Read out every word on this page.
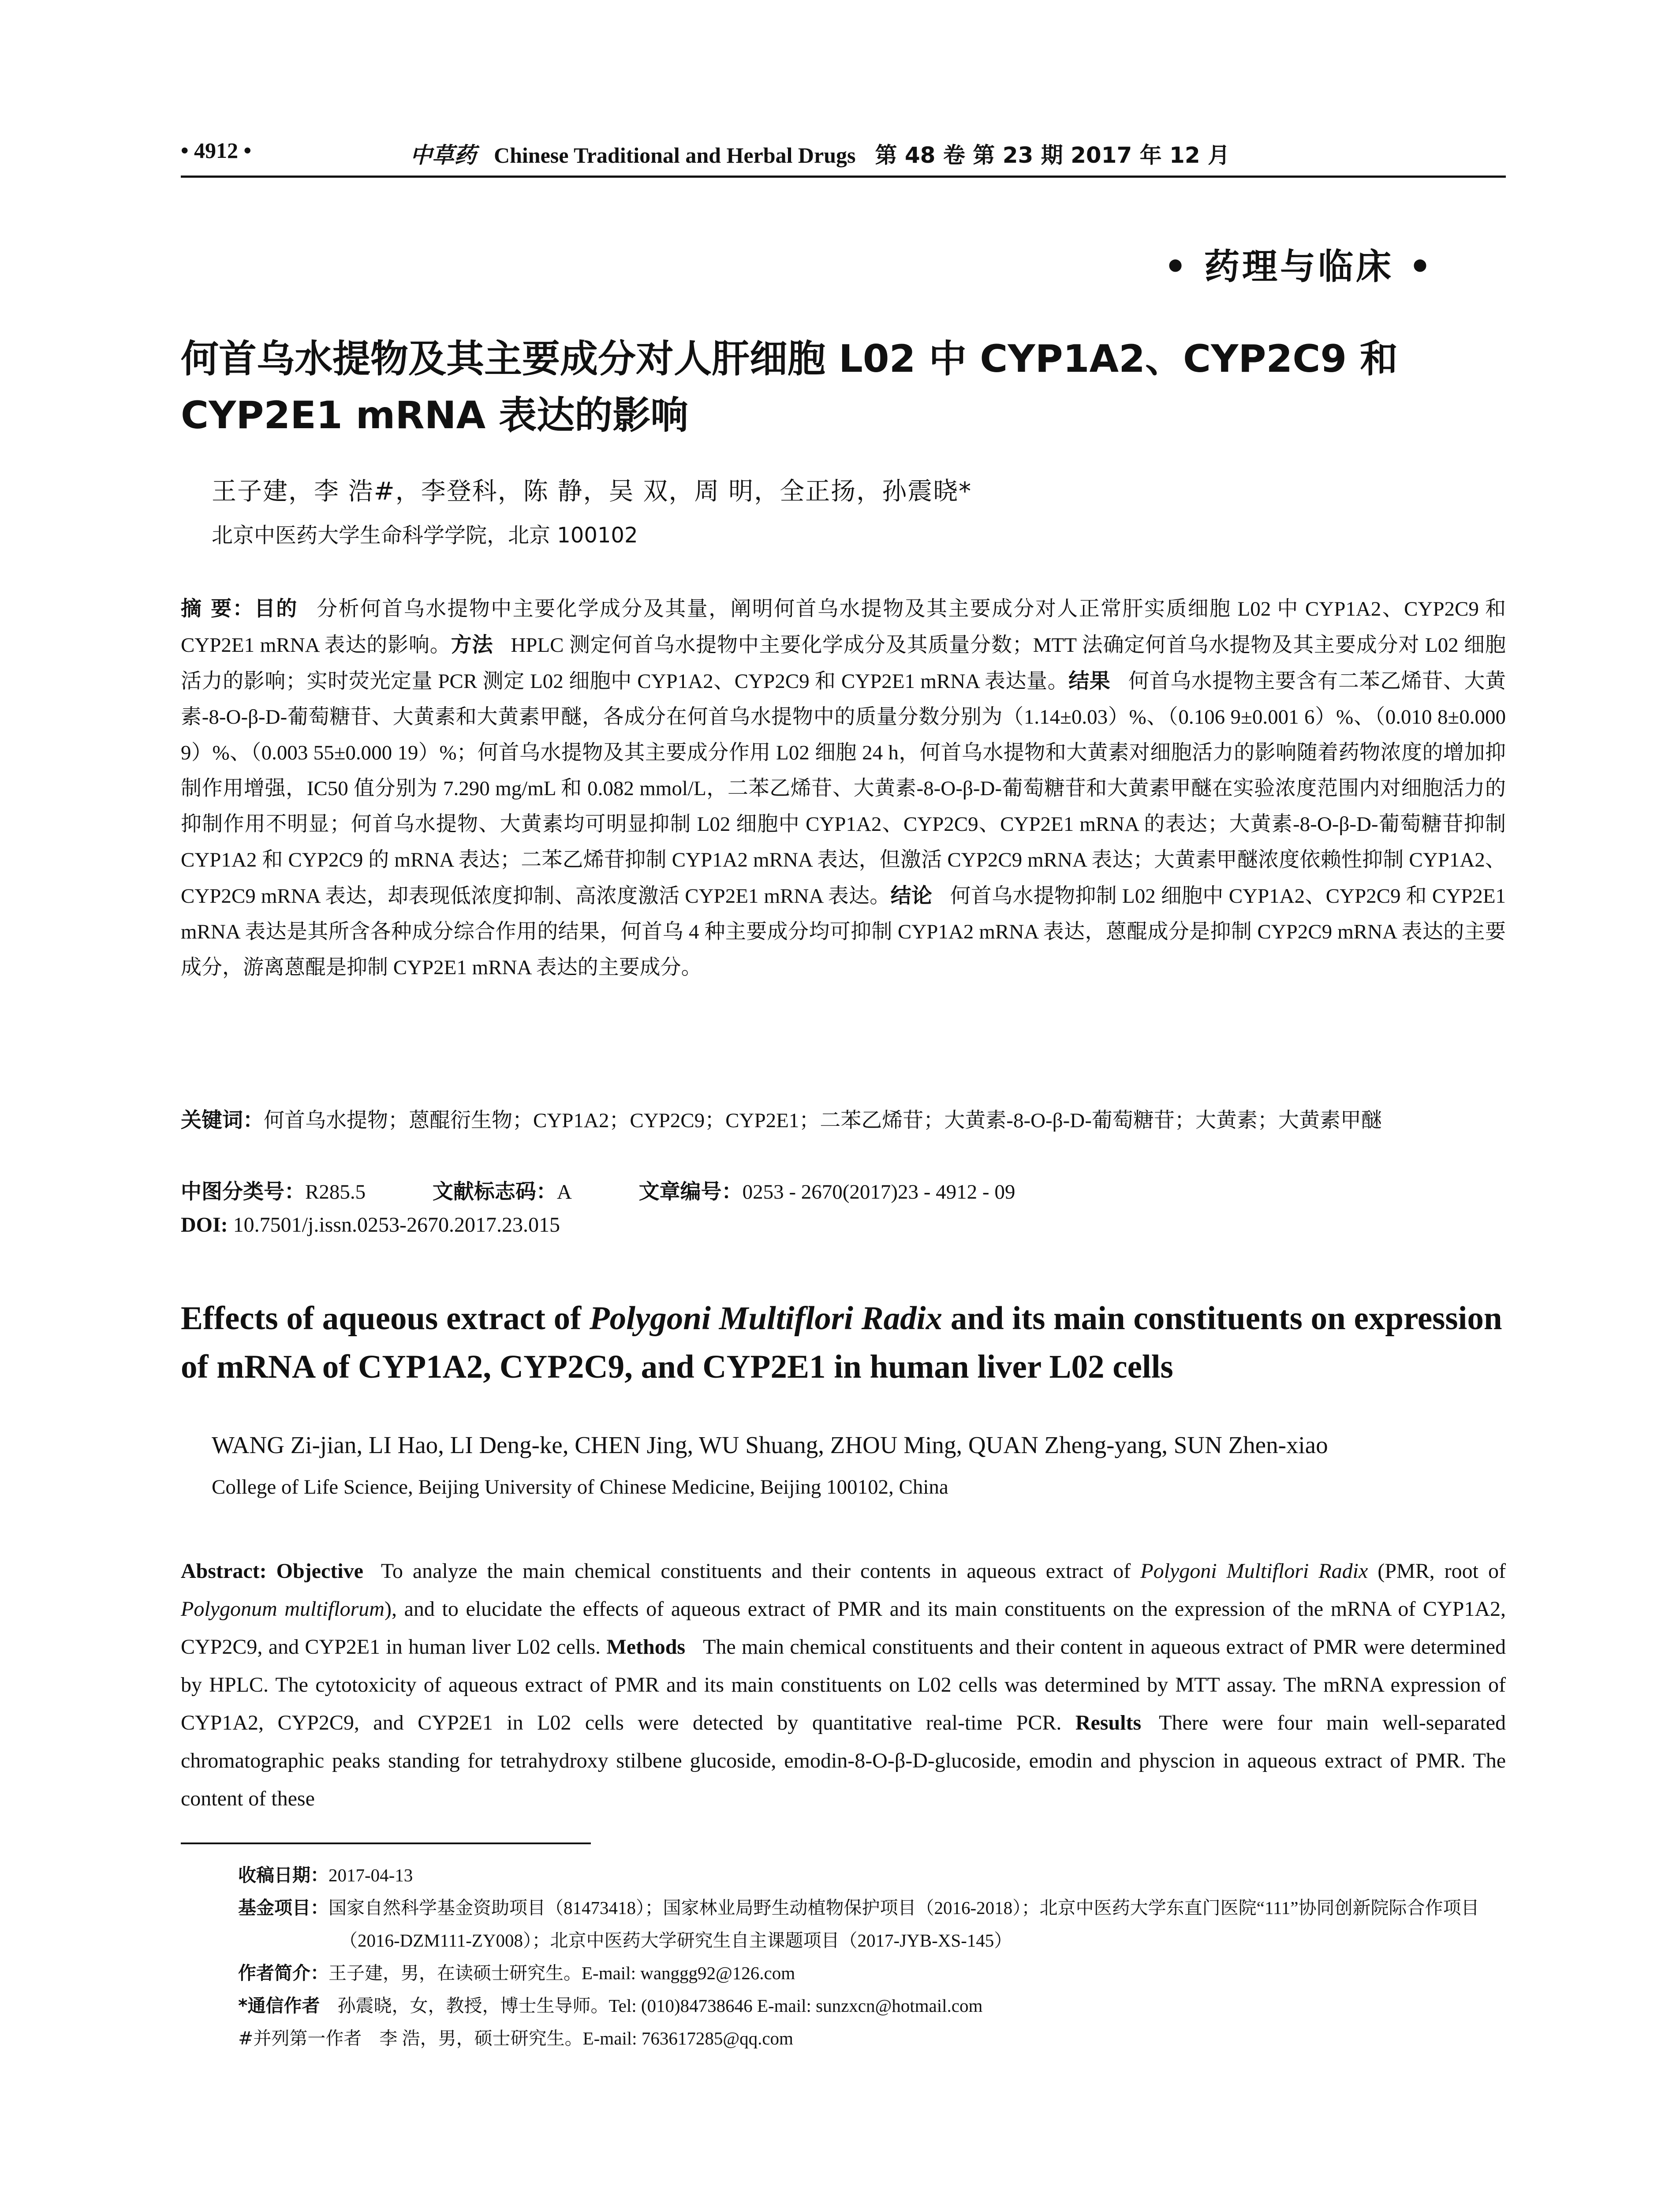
• 4912 •	中草药 Chinese Traditional and Herbal Drugs 第 48 卷 第 23 期 2017 年 12 月
• 药理与临床 •
何首乌水提物及其主要成分对人肝细胞 L02 中 CYP1A2、CYP2C9 和 CYP2E1 mRNA 表达的影响
王子建，李 浩#，李登科，陈 静，吴 双，周 明，全正扬，孙震晓*
北京中医药大学生命科学学院，北京 100102

摘 要：目的 分析何首乌水提物中主要化学成分及其量，阐明何首乌水提物及其主要成分对人正常肝实质细胞 L02 中 CYP1A2、CYP2C9 和 CYP2E1 mRNA 表达的影响。方法 HPLC 测定何首乌水提物中主要化学成分及其质量分数；MTT 法确定何首乌水提物及其主要成分对 L02 细胞活力的影响；实时荧光定量 PCR 测定 L02 细胞中 CYP1A2、CYP2C9 和 CYP2E1 mRNA 表达量。结果 何首乌水提物主要含有二苯乙烯苷、大黄素-8-O-β-D-葡萄糖苷、大黄素和大黄素甲醚，各成分在何首乌水提物中的质量分数分别为（1.14±0.03）%、（0.106 9±0.001 6）%、（0.010 8±0.000 9）%、（0.003 55±0.000 19）%；何首乌水提物及其主要成分作用 L02 细胞 24 h，何首乌水提物和大黄素对细胞活力的影响随着药物浓度的增加抑制作用增强，IC50 值分别为 7.290 mg/mL 和 0.082 mmol/L，二苯乙烯苷、大黄素-8-O-β-D-葡萄糖苷和大黄素甲醚在实验浓度范围内对细胞活力的抑制作用不明显；何首乌水提物、大黄素均可明显抑制 L02 细胞中 CYP1A2、CYP2C9、CYP2E1 mRNA 的表达；大黄素-8-O-β-D-葡萄糖苷抑制 CYP1A2 和 CYP2C9 的 mRNA 表达；二苯乙烯苷抑制 CYP1A2 mRNA 表达，但激活 CYP2C9 mRNA 表达；大黄素甲醚浓度依赖性抑制 CYP1A2、CYP2C9 mRNA 表达，却表现低浓度抑制、高浓度激活 CYP2E1 mRNA 表达。结论 何首乌水提物抑制 L02 细胞中 CYP1A2、CYP2C9 和 CYP2E1 mRNA 表达是其所含各种成分综合作用的结果，何首乌 4 种主要成分均可抑制 CYP1A2 mRNA 表达，蒽醌成分是抑制 CYP2C9 mRNA 表达的主要成分，游离蒽醌是抑制 CYP2E1 mRNA 表达的主要成分。

关键词：何首乌水提物；蒽醌衍生物；CYP1A2；CYP2C9；CYP2E1；二苯乙烯苷；大黄素-8-O-β-D-葡萄糖苷；大黄素；大黄素甲醚
中图分类号：R285.5	文献标志码：A	文章编号：0253 - 2670(2017)23 - 4912 - 09
DOI: 10.7501/j.issn.0253-2670.2017.23.015
Effects of aqueous extract of Polygoni Multiflori Radix and its main constituents on expression of mRNA of CYP1A2, CYP2C9, and CYP2E1 in human liver L02 cells
WANG Zi-jian, LI Hao, LI Deng-ke, CHEN Jing, WU Shuang, ZHOU Ming, QUAN Zheng-yang, SUN Zhen-xiao
College of Life Science, Beijing University of Chinese Medicine, Beijing 100102, China

Abstract: Objective To analyze the main chemical constituents and their contents in aqueous extract of Polygoni Multiflori Radix (PMR, root of Polygonum multiflorum), and to elucidate the effects of aqueous extract of PMR and its main constituents on the expression of the mRNA of CYP1A2, CYP2C9, and CYP2E1 in human liver L02 cells. Methods The main chemical constituents and their content in aqueous extract of PMR were determined by HPLC. The cytotoxicity of aqueous extract of PMR and its main constituents on L02 cells was determined by MTT assay. The mRNA expression of CYP1A2, CYP2C9, and CYP2E1 in L02 cells were detected by quantitative real-time PCR. Results There were four main well-separated chromatographic peaks standing for tetrahydroxy stilbene glucoside, emodin-8-O-β-D-glucoside, emodin and physcion in aqueous extract of PMR. The content of these

收稿日期：2017-04-13
基金项目：国家自然科学基金资助项目（81473418）；国家林业局野生动植物保护项目（2016-2018）；北京中医药大学东直门医院“111”协同创新院际合作项目（2016-DZM111-ZY008）；北京中医药大学研究生自主课题项目（2017-JYB-XS-145）
作者简介：王子建，男，在读硕士研究生。E-mail: wanggg92@126.com
*通信作者 孙震晓，女，教授，博士生导师。Tel: (010)84738646 E-mail: sunzxcn@hotmail.com
#并列第一作者 李 浩，男，硕士研究生。E-mail: 763617285@qq.com
